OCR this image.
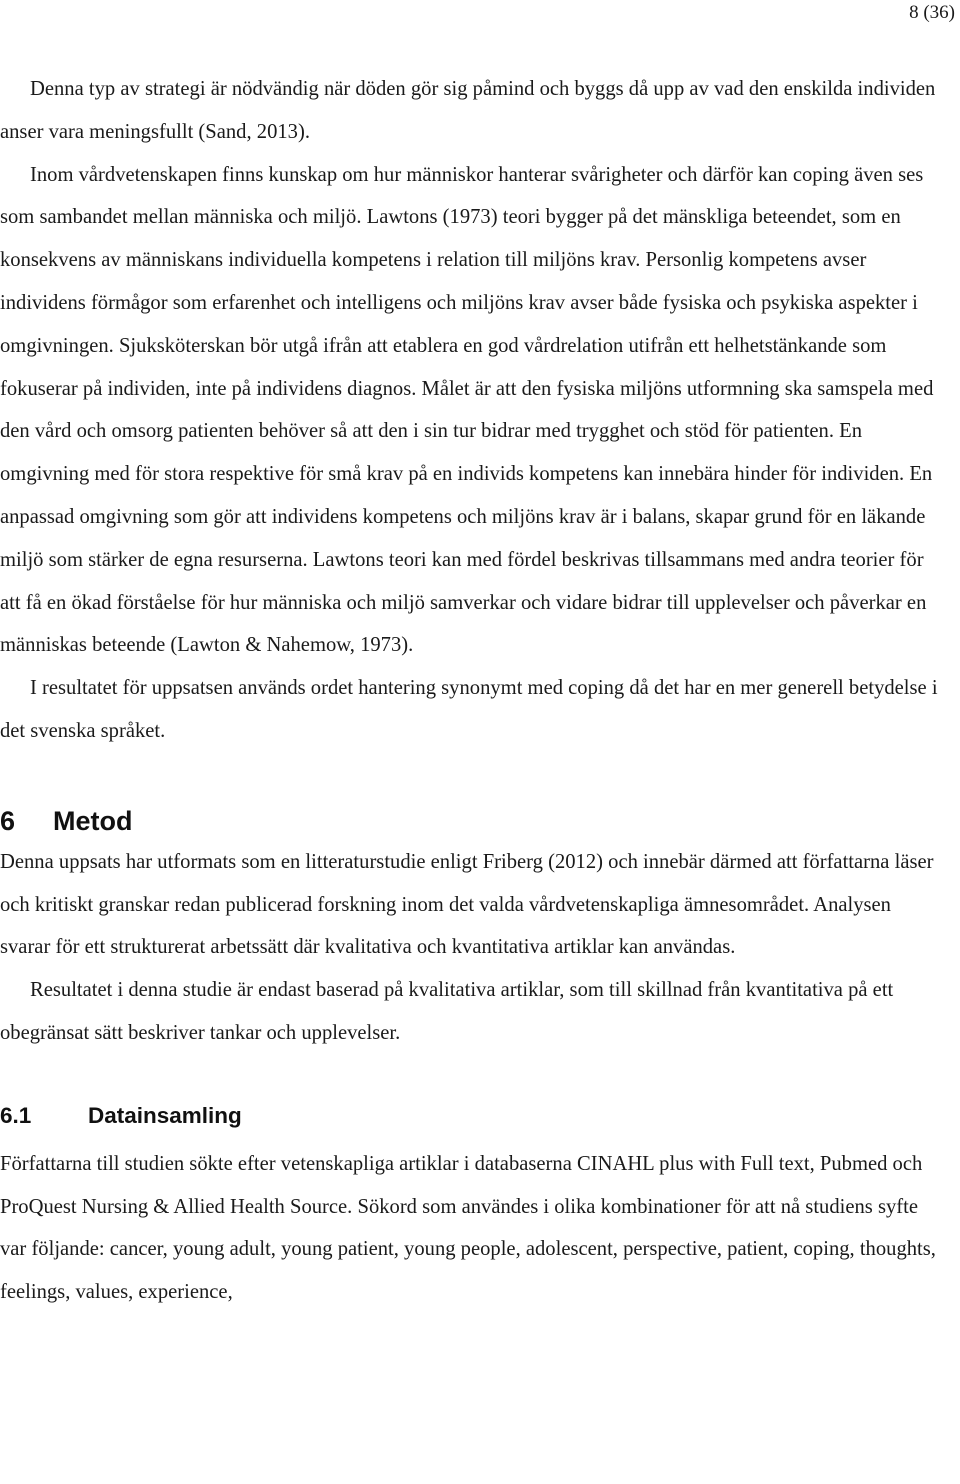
8 (36)

Denna typ av strategi är nödvändig när döden gör sig påmind och byggs då upp av vad den enskilda individen anser vara meningsfullt (Sand, 2013).

Inom vårdvetenskapen finns kunskap om hur människor hanterar svårigheter och därför kan coping även ses som sambandet mellan människa och miljö. Lawtons (1973) teori bygger på det mänskliga beteendet, som en konsekvens av människans individuella kompetens i relation till miljöns krav. Personlig kompetens avser individens förmågor som erfarenhet och intelligens och miljöns krav avser både fysiska och psykiska aspekter i omgivningen. Sjuksköterskan bör utgå ifrån att etablera en god vårdrelation utifrån ett helhetstänkande som fokuserar på individen, inte på individens diagnos. Målet är att den fysiska miljöns utformning ska samspela med den vård och omsorg patienten behöver så att den i sin tur bidrar med trygghet och stöd för patienten. En omgivning med för stora respektive för små krav på en individs kompetens kan innebära hinder för individen. En anpassad omgivning som gör att individens kompetens och miljöns krav är i balans, skapar grund för en läkande miljö som stärker de egna resurserna. Lawtons teori kan med fördel beskrivas tillsammans med andra teorier för att få en ökad förståelse för hur människa och miljö samverkar och vidare bidrar till upplevelser och påverkar en människas beteende (Lawton & Nahemow, 1973).

I resultatet för uppsatsen används ordet hantering synonymt med coping då det har en mer generell betydelse i det svenska språket.

6 Metod

Denna uppsats har utformats som en litteraturstudie enligt Friberg (2012) och innebär därmed att författarna läser och kritiskt granskar redan publicerad forskning inom det valda vårdvetenskapliga ämnesområdet. Analysen svarar för ett strukturerat arbetssätt där kvalitativa och kvantitativa artiklar kan användas.

Resultatet i denna studie är endast baserad på kvalitativa artiklar, som till skillnad från kvantitativa på ett obegränsat sätt beskriver tankar och upplevelser.

6.1	Datainsamling

Författarna till studien sökte efter vetenskapliga artiklar i databaserna CINAHL plus with Full text, Pubmed och ProQuest Nursing & Allied Health Source. Sökord som användes i olika kombinationer för att nå studiens syfte var följande: cancer, young adult, young patient, young people, adolescent, perspective, patient, coping, thoughts, feelings, values, experience,
